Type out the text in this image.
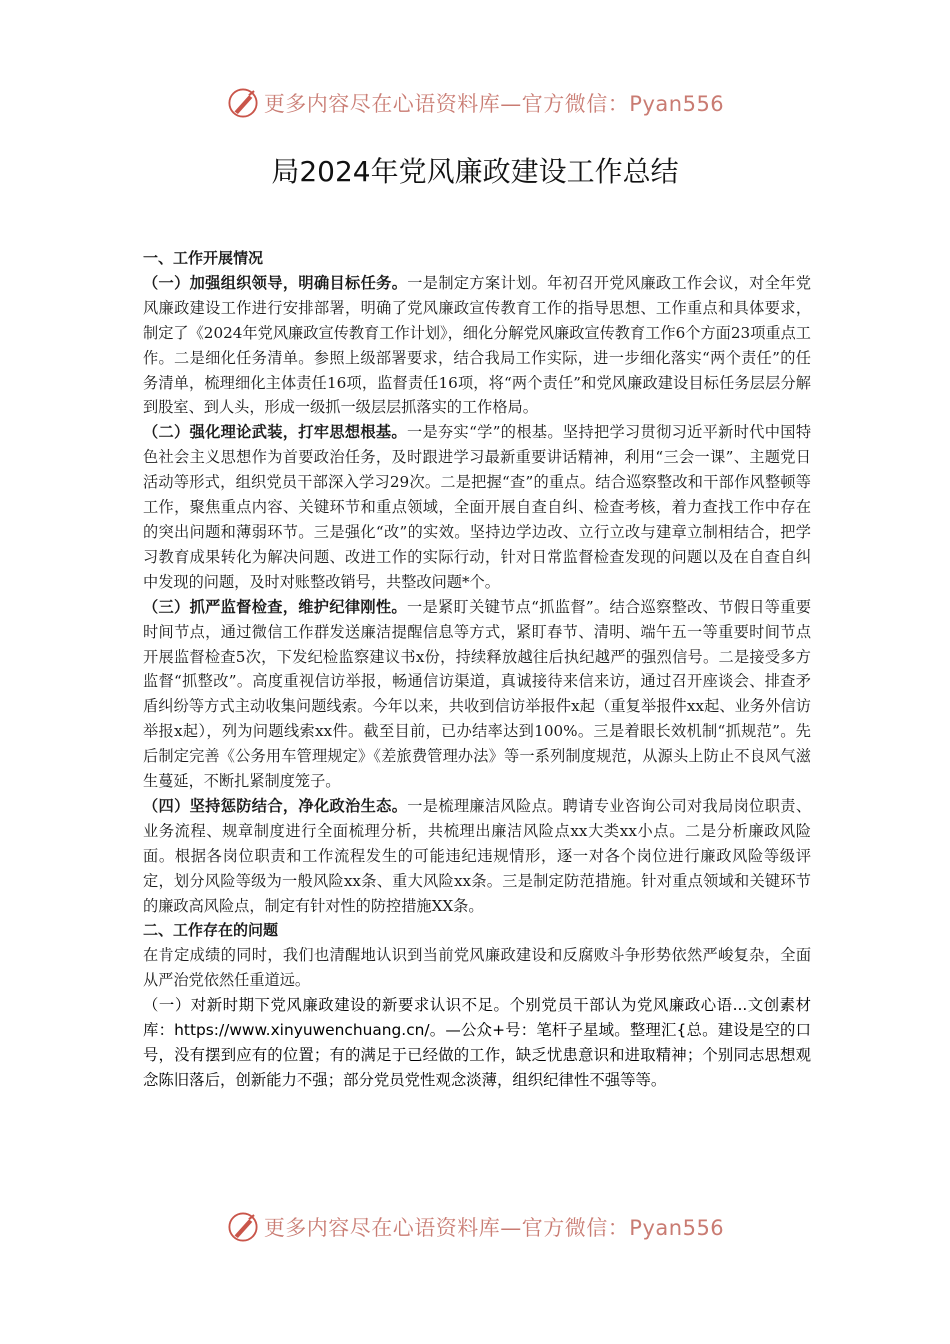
更多内容尽在心语资料库—官方微信：Pyan556
局2024年党风廉政建设工作总结

一、工作开展情况

（一）加强组织领导，明确目标任务。一是制定方案计划。年初召开党风廉政工作会议，对全年党风廉政建设工作进行安排部署，明确了党风廉政宣传教育工作的指导思想、工作重点和具体要求，制定了《2024年党风廉政宣传教育工作计划》，细化分解党风廉政宣传教育工作6个方面23项重点工作。二是细化任务清单。参照上级部署要求，结合我局工作实际，进一步细化落实“两个责任”的任务清单，梳理细化主体责任16项，监督责任16项，将“两个责任”和党风廉政建设目标任务层层分解到股室、到人头，形成一级抓一级层层抓落实的工作格局。

（二）强化理论武装，打牢思想根基。一是夯实“学”的根基。坚持把学习贯彻习近平新时代中国特色社会主义思想作为首要政治任务，及时跟进学习最新重要讲话精神，利用“三会一课”、主题党日活动等形式，组织党员干部深入学习29次。二是把握“查”的重点。结合巡察整改和干部作风整顿等工作，聚焦重点内容、关键环节和重点领域，全面开展自查自纠、检查考核，着力查找工作中存在的突出问题和薄弱环节。三是强化“改”的实效。坚持边学边改、立行立改与建章立制相结合，把学习教育成果转化为解决问题、改进工作的实际行动，针对日常监督检查发现的问题以及在自查自纠中发现的问题，及时对账整改销号，共整改问题*个。

（三）抓严监督检查，维护纪律刚性。一是紧盯关键节点“抓监督”。结合巡察整改、节假日等重要时间节点，通过微信工作群发送廉洁提醒信息等方式，紧盯春节、清明、端午五一等重要时间节点开展监督检查5次，下发纪检监察建议书x份，持续释放越往后执纪越严的强烈信号。二是接受多方监督“抓整改”。高度重视信访举报，畅通信访渠道，真诚接待来信来访，通过召开座谈会、排查矛盾纠纷等方式主动收集问题线索。今年以来，共收到信访举报件x起（重复举报件xx起、业务外信访举报x起），列为问题线索xx件。截至目前，已办结率达到100%。三是着眼长效机制“抓规范”。先后制定完善《公务用车管理规定》《差旅费管理办法》等一系列制度规范，从源头上防止不良风气滋生蔓延，不断扎紧制度笼子。

（四）坚持惩防结合，净化政治生态。一是梳理廉洁风险点。聘请专业咨询公司对我局岗位职责、业务流程、规章制度进行全面梳理分析，共梳理出廉洁风险点xx大类xx小点。二是分析廉政风险面。根据各岗位职责和工作流程发生的可能违纪违规情形，逐一对各个岗位进行廉政风险等级评定，划分风险等级为一般风险xx条、重大风险xx条。三是制定防范措施。针对重点领域和关键环节的廉政高风险点，制定有针对性的防控措施XX条。

二、工作存在的问题

在肯定成绩的同时，我们也清醒地认识到当前党风廉政建设和反腐败斗争形势依然严峻复杂，全面从严治党依然任重道远。

（一）对新时期下党风廉政建设的新要求认识不足。个别党员干部认为党风廉政心语...文创素材库：https://www.xinyuwenchuang.cn/。—公众+号：笔杆子星域。整理汇{总。建设是空的口号，没有摆到应有的位置；有的满足于已经做的工作，缺乏忧患意识和进取精神；个别同志思想观念陈旧落后，创新能力不强；部分党员党性观念淡薄，组织纪律性不强等等。

更多内容尽在心语资料库—官方微信：Pyan556
